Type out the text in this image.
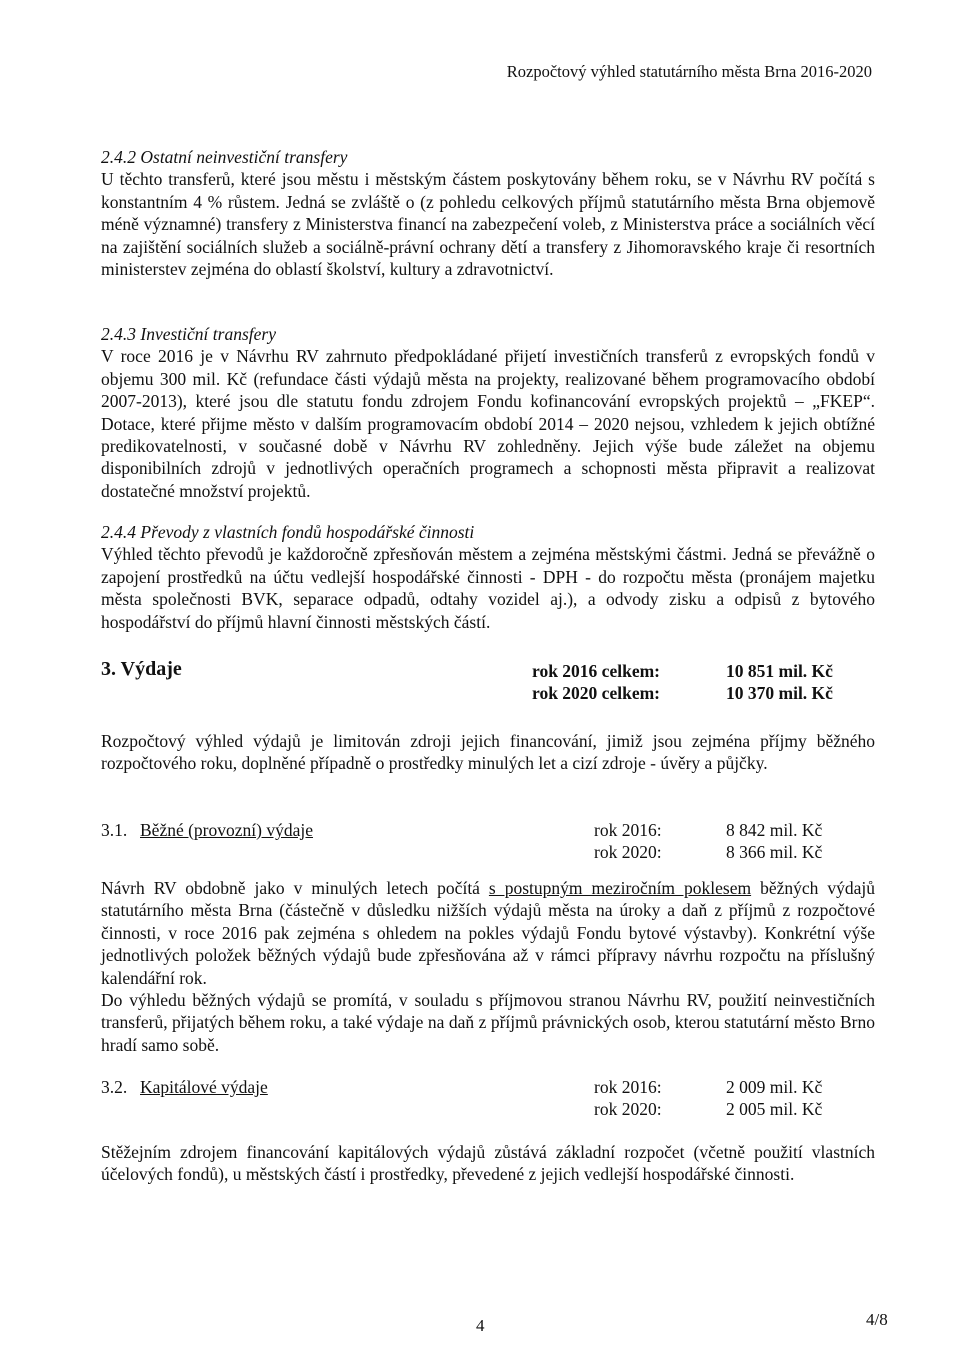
Rozpočtový výhled statutárního města Brna 2016-2020

2.4.2 Ostatní neinvestiční transfery

U těchto transferů, které jsou městu i městským částem poskytovány během roku, se v Návrhu RV počítá s konstantním 4 % růstem. Jedná se zvláště o (z pohledu celkových příjmů statutárního města Brna objemově méně významné) transfery z Ministerstva financí na zabezpečení voleb, z Ministerstva práce a sociálních věcí na zajištění sociálních služeb a sociálně-právní ochrany dětí a transfery z Jihomoravského kraje či resortních ministerstev zejména do oblastí školství, kultury a zdravotnictví.

2.4.3 Investiční transfery

V roce 2016 je v Návrhu RV zahrnuto předpokládané přijetí investičních transferů z evropských fondů v objemu 300 mil. Kč (refundace části výdajů města na projekty, realizované během programovacího období 2007-2013), které jsou dle statutu fondu zdrojem Fondu kofinancování evropských projektů – „FKEP“. Dotace, které přijme město v dalším programovacím období 2014 – 2020 nejsou, vzhledem k jejich obtížné predikovatelnosti, v současné době v Návrhu RV zohledněny. Jejich výše bude záležet na objemu disponibilních zdrojů v jednotlivých operačních programech a schopnosti města připravit a realizovat dostatečné množství projektů.

2.4.4 Převody z vlastních fondů hospodářské činnosti

Výhled těchto převodů je každoročně zpřesňován městem a zejména městskými částmi. Jedná se převážně o zapojení prostředků na účtu vedlejší hospodářské činnosti - DPH - do rozpočtu města (pronájem majetku města společnosti BVK, separace odpadů, odtahy vozidel aj.), a odvody zisku a odpisů z bytového hospodářství do příjmů hlavní činnosti městských částí.

3. Výdaje	rok 2016 celkem:	10 851 mil. Kč
rok 2020 celkem:	10 370 mil. Kč

Rozpočtový výhled výdajů je limitován zdroji jejich financování, jimiž jsou zejména příjmy běžného rozpočtového roku, doplněné případně o prostředky minulých let a cizí zdroje - úvěry a půjčky.

3.1. Běžné (provozní) výdaje	rok 2016:	8 842 mil. Kč
rok 2020:	8 366 mil. Kč

Návrh RV obdobně jako v minulých letech počítá s postupným meziročním poklesem běžných výdajů statutárního města Brna (částečně v důsledku nižších výdajů města na úroky a daň z příjmů z rozpočtové činnosti, v roce 2016 pak zejména s ohledem na pokles výdajů Fondu bytové výstavby). Konkrétní výše jednotlivých položek běžných výdajů bude zpřesňována až v rámci přípravy návrhu rozpočtu na příslušný kalendářní rok.

Do výhledu běžných výdajů se promítá, v souladu s příjmovou stranou Návrhu RV, použití neinvestičních transferů, přijatých během roku, a také výdaje na daň z příjmů právnických osob, kterou statutární město Brno hradí samo sobě.

3.2. Kapitálové výdaje	rok 2016:	2 009 mil. Kč
rok 2020:	2 005 mil. Kč

Stěžejním zdrojem financování kapitálových výdajů zůstává základní rozpočet (včetně použití vlastních účelových fondů), u městských částí i prostředky, převedené z jejich vedlejší hospodářské činnosti.

4	4/8
